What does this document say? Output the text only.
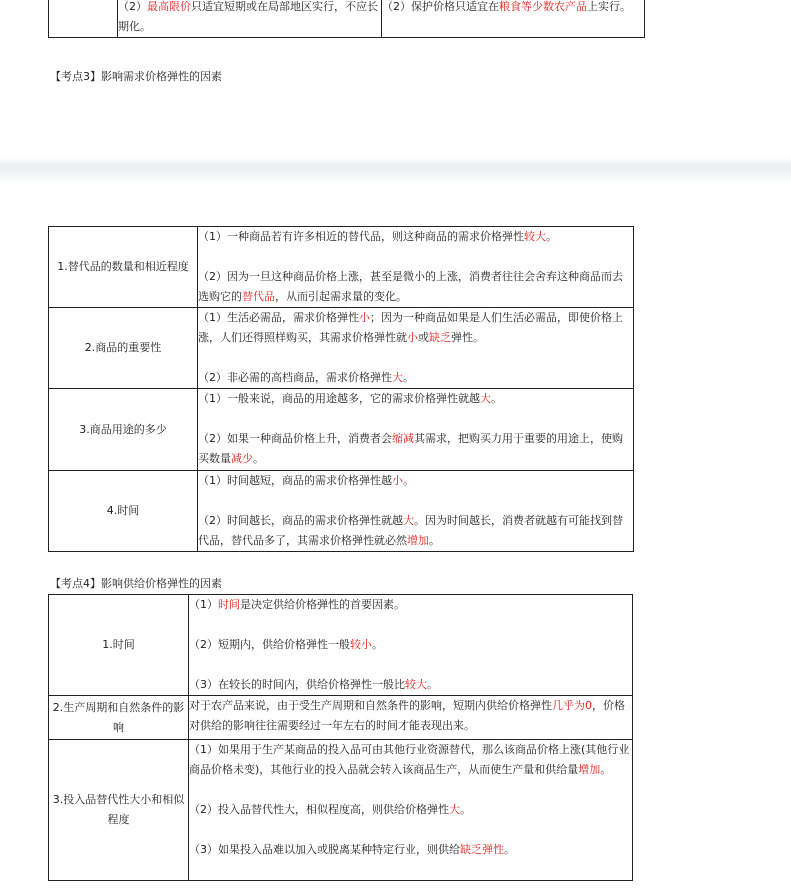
	（2）最高限价只适宜短期或在局部地区实行，不应长期化。	（2）保护价格只适宜在粮食等少数农产品上实行。
【考点3】影响需求价格弹性的因素
1.替代品的数量和相近程度	（1）一种商品若有许多相近的替代品，则这种商品的需求价格弹性较大。
（2）因为一旦这种商品价格上涨，甚至是微小的上涨，消费者往往会舍弃这种商品而去选购它的替代品，从而引起需求量的变化。

2.商品的重要性	（1）生活必需品，需求价格弹性小；因为一种商品如果是人们生活必需品，即使价格上涨，人们还得照样购买，其需求价格弹性就小或缺乏弹性。
（2）非必需的高档商品，需求价格弹性大。

3.商品用途的多少	（1）一般来说，商品的用途越多，它的需求价格弹性就越大。
（2）如果一种商品价格上升，消费者会缩减其需求，把购买力用于重要的用途上，使购买数量减少。

4.时间	（1）时间越短，商品的需求价格弹性越小。
（2）时间越长，商品的需求价格弹性就越大。因为时间越长，消费者就越有可能找到替代品，替代品多了，其需求价格弹性就必然增加。
【考点4】影响供给价格弹性的因素
1.时间	（1）时间是决定供给价格弹性的首要因素。
（2）短期内，供给价格弹性一般较小。
（3）在较长的时间内，供给价格弹性一般比较大。

2.生产周期和自然条件的影响	对于农产品来说，由于受生产周期和自然条件的影响，短期内供给价格弹性几乎为0，价格对供给的影响往往需要经过一年左右的时间才能表现出来。

3.投入品替代性大小和相似程度	（1）如果用于生产某商品的投入品可由其他行业资源替代，那么该商品价格上涨(其他行业商品价格未变)，其他行业的投入品就会转入该商品生产，从而使生产量和供给量增加。
（2）投入品替代性大，相似程度高，则供给价格弹性大。
（3）如果投入品难以加入或脱离某种特定行业，则供给缺乏弹性。
